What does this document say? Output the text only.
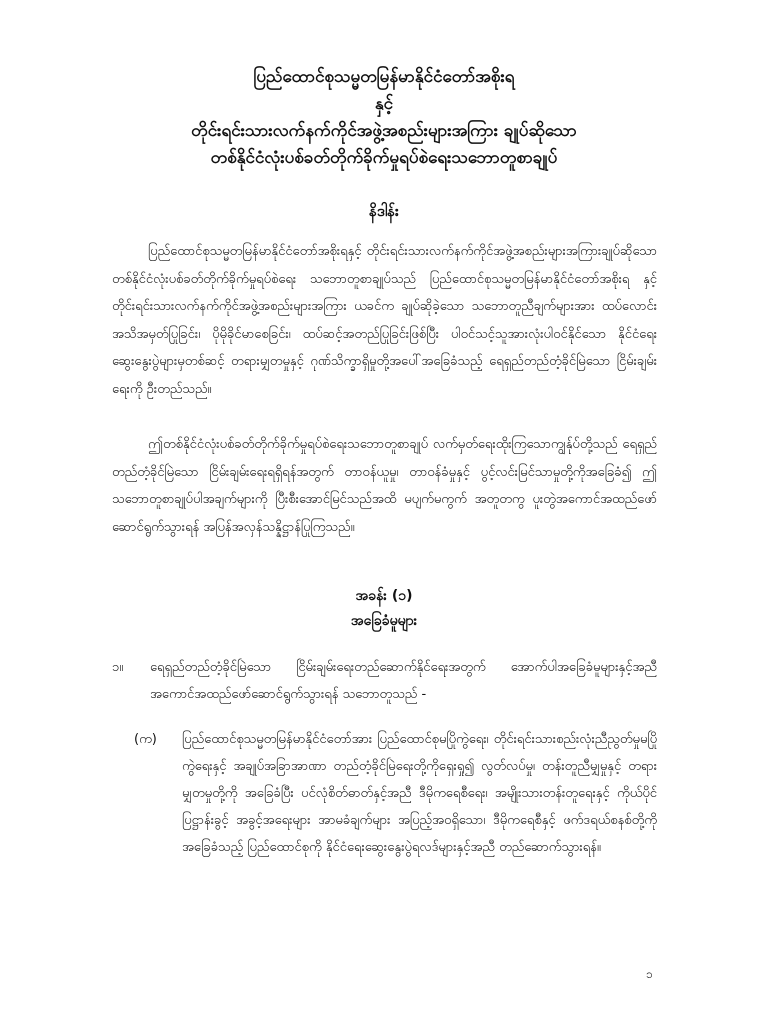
ပြည်ထောင်စုသမ္မတမြန်မာနိုင်ငံတော်အစိုးရ
နှင့်
တိုင်းရင်းသားလက်နက်ကိုင်အဖွဲ့အစည်းများအကြား ချုပ်ဆိုသော
တစ်နိုင်ငံလုံးပစ်ခတ်တိုက်ခိုက်မှုရပ်စဲရေးသဘောတူစာချုပ်
နိဒါန်း

ပြည်ထောင်စုသမ္မတမြန်မာနိုင်ငံတော်အစိုးရနှင့် တိုင်းရင်းသားလက်နက်ကိုင်အဖွဲ့အစည်းများအကြားချုပ်ဆိုသော တစ်နိုင်ငံလုံးပစ်ခတ်တိုက်ခိုက်မှုရပ်စဲရေး သဘောတူစာချုပ်သည် ပြည်ထောင်စုသမ္မတမြန်မာနိုင်ငံတော်အစိုးရ နှင့် တိုင်းရင်းသားလက်နက်ကိုင်အဖွဲ့အစည်းများအကြား ယခင်က ချုပ်ဆိုခဲ့သော သဘောတူညီချက်များအား ထပ်လောင်းအသိအမှတ်ပြုခြင်း၊ ပိုမိုခိုင်မာစေခြင်း၊ ထပ်ဆင့်အတည်ပြုခြင်းဖြစ်ပြီး ပါဝင်သင့်သူအားလုံးပါဝင်နိုင်သော နိုင်ငံရေးဆွေးနွေးပွဲများမှတစ်ဆင့် တရားမျှတမှုနှင့် ဂုဏ်သိက္ခာရှိမှုတို့အပေါ်အခြေခံသည့် ရေရှည်တည်တံ့ခိုင်မြဲသော ငြိမ်းချမ်းရေးကို ဦးတည်သည်။

ဤတစ်နိုင်ငံလုံးပစ်ခတ်တိုက်ခိုက်မှုရပ်စဲရေးသဘောတူစာချုပ် လက်မှတ်ရေးထိုးကြသောကျွန်ုပ်တို့သည် ရေရှည်တည်တံ့ခိုင်မြဲသော ငြိမ်းချမ်းရေးရရှိရန်အတွက် တာဝန်ယူမှု၊ တာဝန်ခံမှုနှင့် ပွင့်လင်းမြင်သာမှုတို့ကိုအခြေခံ၍ ဤသဘောတူစာချုပ်ပါအချက်များကို ပြီးစီးအောင်မြင်သည်အထိ မပျက်မကွက် အတူတကွ ပူးတွဲအကောင်အထည်ဖော်ဆောင်ရွက်သွားရန် အပြန်အလှန်သန္နိဋ္ဌာန်ပြုကြသည်။

အခန်း (၁)
အခြေခံမူများ
၁။	ရေရှည်တည်တံ့ခိုင်မြဲသော ငြိမ်းချမ်းရေးတည်ဆောက်နိုင်ရေးအတွက် အောက်ပါအခြေခံမူများနှင့်အညီ အကောင်အထည်ဖော်ဆောင်ရွက်သွားရန် သဘောတူသည် -

(က)	ပြည်ထောင်စုသမ္မတမြန်မာနိုင်ငံတော်အား ပြည်ထောင်စုမပြိုကွဲရေး၊ တိုင်းရင်းသားစည်းလုံးညီညွတ်မှုမပြိုကွဲရေးနှင့် အချုပ်အခြာအာဏာ တည်တံ့ခိုင်မြဲရေးတို့ကိုရှေးရှု၍ လွတ်လပ်မှု၊ တန်းတူညီမျှမှုနှင့် တရားမျှတမှုတို့ကို အခြေခံပြီး ပင်လုံစိတ်ဓာတ်နှင့်အညီ ဒီမိုကရေစီရေး၊ အမျိုးသားတန်းတူရေးနှင့် ကိုယ်ပိုင်ပြဋ္ဌာန်းခွင့် အခွင့်အရေးများ အာမခံချက်များ အပြည့်အဝရှိသော၊ ဒီမိုကရေစီနှင့် ဖက်ဒရယ်စနစ်တို့ကိုအခြေခံသည့် ပြည်ထောင်စုကို နိုင်ငံရေးဆွေးနွေးပွဲရလဒ်များနှင့်အညီ တည်ဆောက်သွားရန်။

၁
